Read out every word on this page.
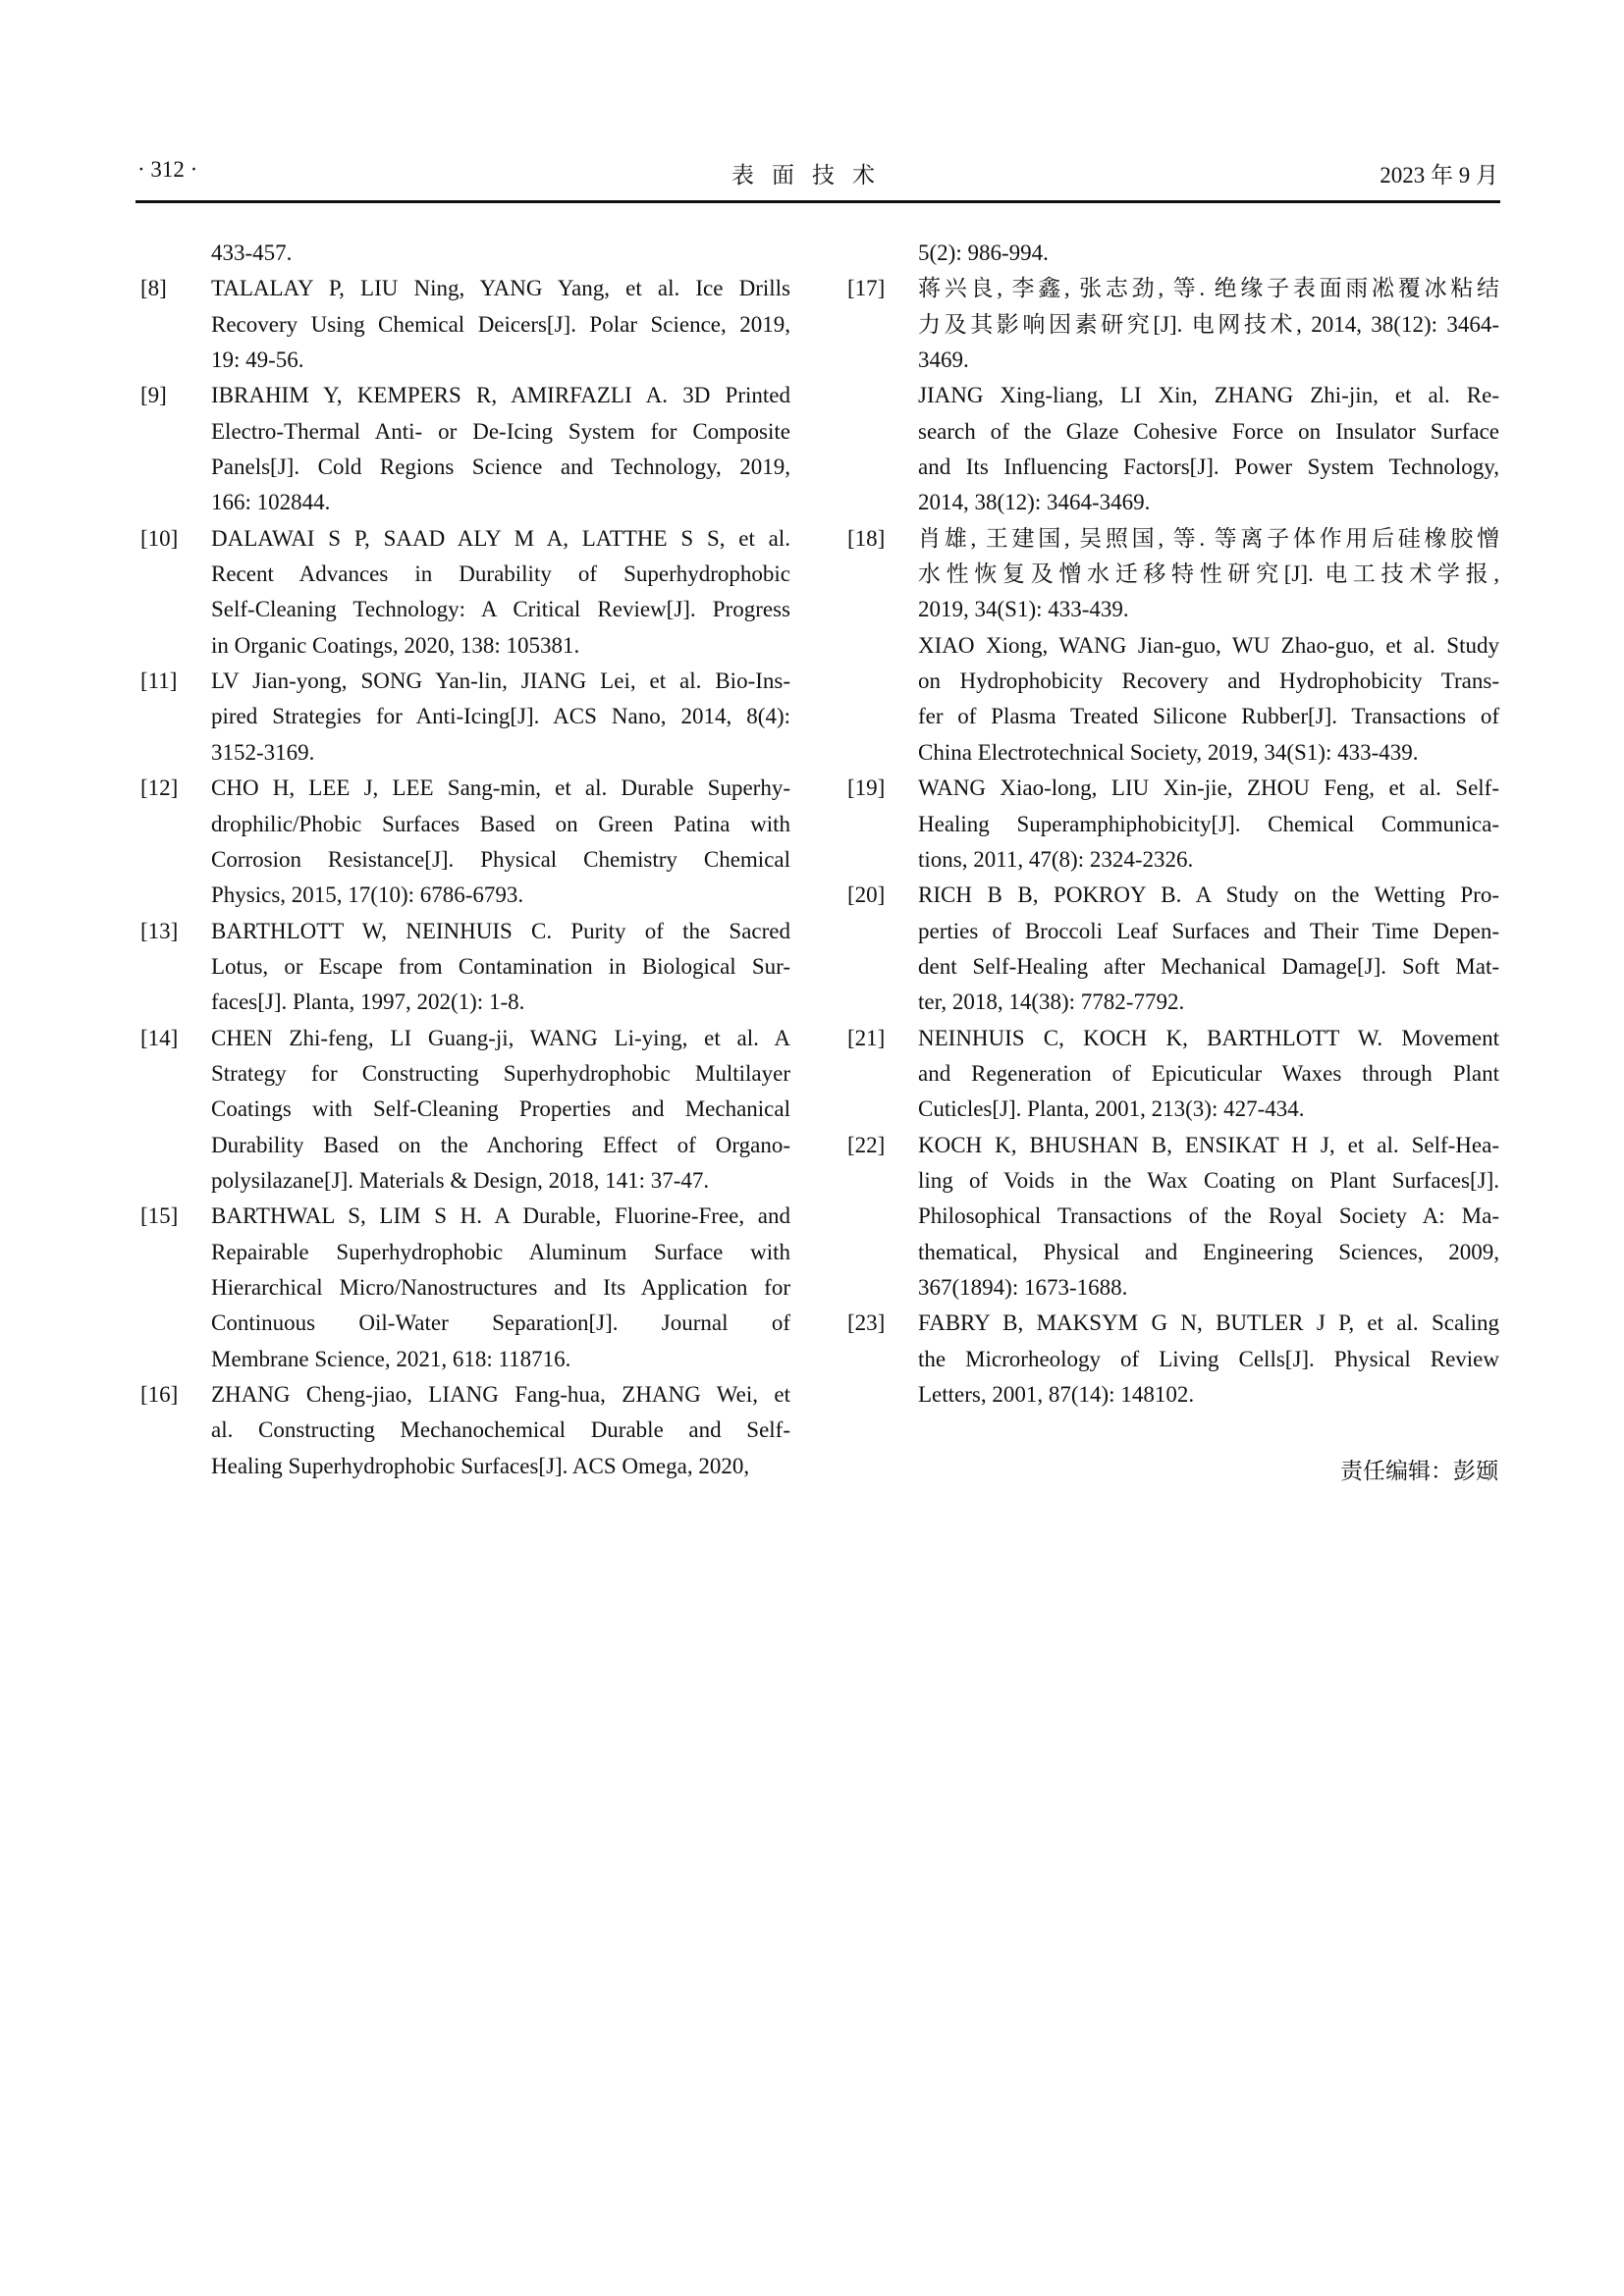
· 312 ·	表面技术	2023 年 9 月
433-457.
[8] TALALAY P, LIU Ning, YANG Yang, et al. Ice Drills
Recovery Using Chemical Deicers[J]. Polar Science, 2019,
19: 49-56.
[9] IBRAHIM Y, KEMPERS R, AMIRFAZLI A. 3D Printed
Electro-Thermal Anti- or De-Icing System for Composite
Panels[J]. Cold Regions Science and Technology, 2019,
166: 102844.
[10] DALAWAI S P, SAAD ALY M A, LATTHE S S, et al.
Recent Advances in Durability of Superhydrophobic
Self-Cleaning Technology: A Critical Review[J]. Progress
in Organic Coatings, 2020, 138: 105381.
[11] LV Jian-yong, SONG Yan-lin, JIANG Lei, et al. Bio-Ins-
pired Strategies for Anti-Icing[J]. ACS Nano, 2014, 8(4):
3152-3169.
[12] CHO H, LEE J, LEE Sang-min, et al. Durable Superhy-
drophilic/Phobic Surfaces Based on Green Patina with
Corrosion Resistance[J]. Physical Chemistry Chemical
Physics, 2015, 17(10): 6786-6793.
[13] BARTHLOTT W, NEINHUIS C. Purity of the Sacred
Lotus, or Escape from Contamination in Biological Sur-
faces[J]. Planta, 1997, 202(1): 1-8.
[14] CHEN Zhi-feng, LI Guang-ji, WANG Li-ying, et al. A
Strategy for Constructing Superhydrophobic Multilayer
Coatings with Self-Cleaning Properties and Mechanical
Durability Based on the Anchoring Effect of Organo-
polysilazane[J]. Materials & Design, 2018, 141: 37-47.
[15] BARTHWAL S, LIM S H. A Durable, Fluorine-Free, and
Repairable Superhydrophobic Aluminum Surface with
Hierarchical Micro/Nanostructures and Its Application for
Continuous Oil-Water Separation[J]. Journal of
Membrane Science, 2021, 618: 118716.
[16] ZHANG Cheng-jiao, LIANG Fang-hua, ZHANG Wei, et
al. Constructing Mechanochemical Durable and Self-
Healing Superhydrophobic Surfaces[J]. ACS Omega, 2020,
5(2): 986-994.
[17] 蒋兴良, 李鑫, 张志劲, 等. 绝缘子表面雨凇覆冰粘结
力及其影响因素研究[J]. 电网技术, 2014, 38(12): 3464-
3469.
JIANG Xing-liang, LI Xin, ZHANG Zhi-jin, et al. Re-
search of the Glaze Cohesive Force on Insulator Surface
and Its Influencing Factors[J]. Power System Technology,
2014, 38(12): 3464-3469.
[18] 肖雄, 王建国, 吴照国, 等. 等离子体作用后硅橡胶憎
水性恢复及憎水迁移特性研究[J]. 电工技术学报,
2019, 34(S1): 433-439.
XIAO Xiong, WANG Jian-guo, WU Zhao-guo, et al. Study
on Hydrophobicity Recovery and Hydrophobicity Trans-
fer of Plasma Treated Silicone Rubber[J]. Transactions of
China Electrotechnical Society, 2019, 34(S1): 433-439.
[19] WANG Xiao-long, LIU Xin-jie, ZHOU Feng, et al. Self-
Healing Superamphiphobicity[J]. Chemical Communica-
tions, 2011, 47(8): 2324-2326.
[20] RICH B B, POKROY B. A Study on the Wetting Pro-
perties of Broccoli Leaf Surfaces and Their Time Depen-
dent Self-Healing after Mechanical Damage[J]. Soft Mat-
ter, 2018, 14(38): 7782-7792.
[21] NEINHUIS C, KOCH K, BARTHLOTT W. Movement
and Regeneration of Epicuticular Waxes through Plant
Cuticles[J]. Planta, 2001, 213(3): 427-434.
[22] KOCH K, BHUSHAN B, ENSIKAT H J, et al. Self-Hea-
ling of Voids in the Wax Coating on Plant Surfaces[J].
Philosophical Transactions of the Royal Society A: Ma-
thematical, Physical and Engineering Sciences, 2009,
367(1894): 1673-1688.
[23] FABRY B, MAKSYM G N, BUTLER J P, et al. Scaling
the Microrheology of Living Cells[J]. Physical Review
Letters, 2001, 87(14): 148102.
责任编辑：彭颋
